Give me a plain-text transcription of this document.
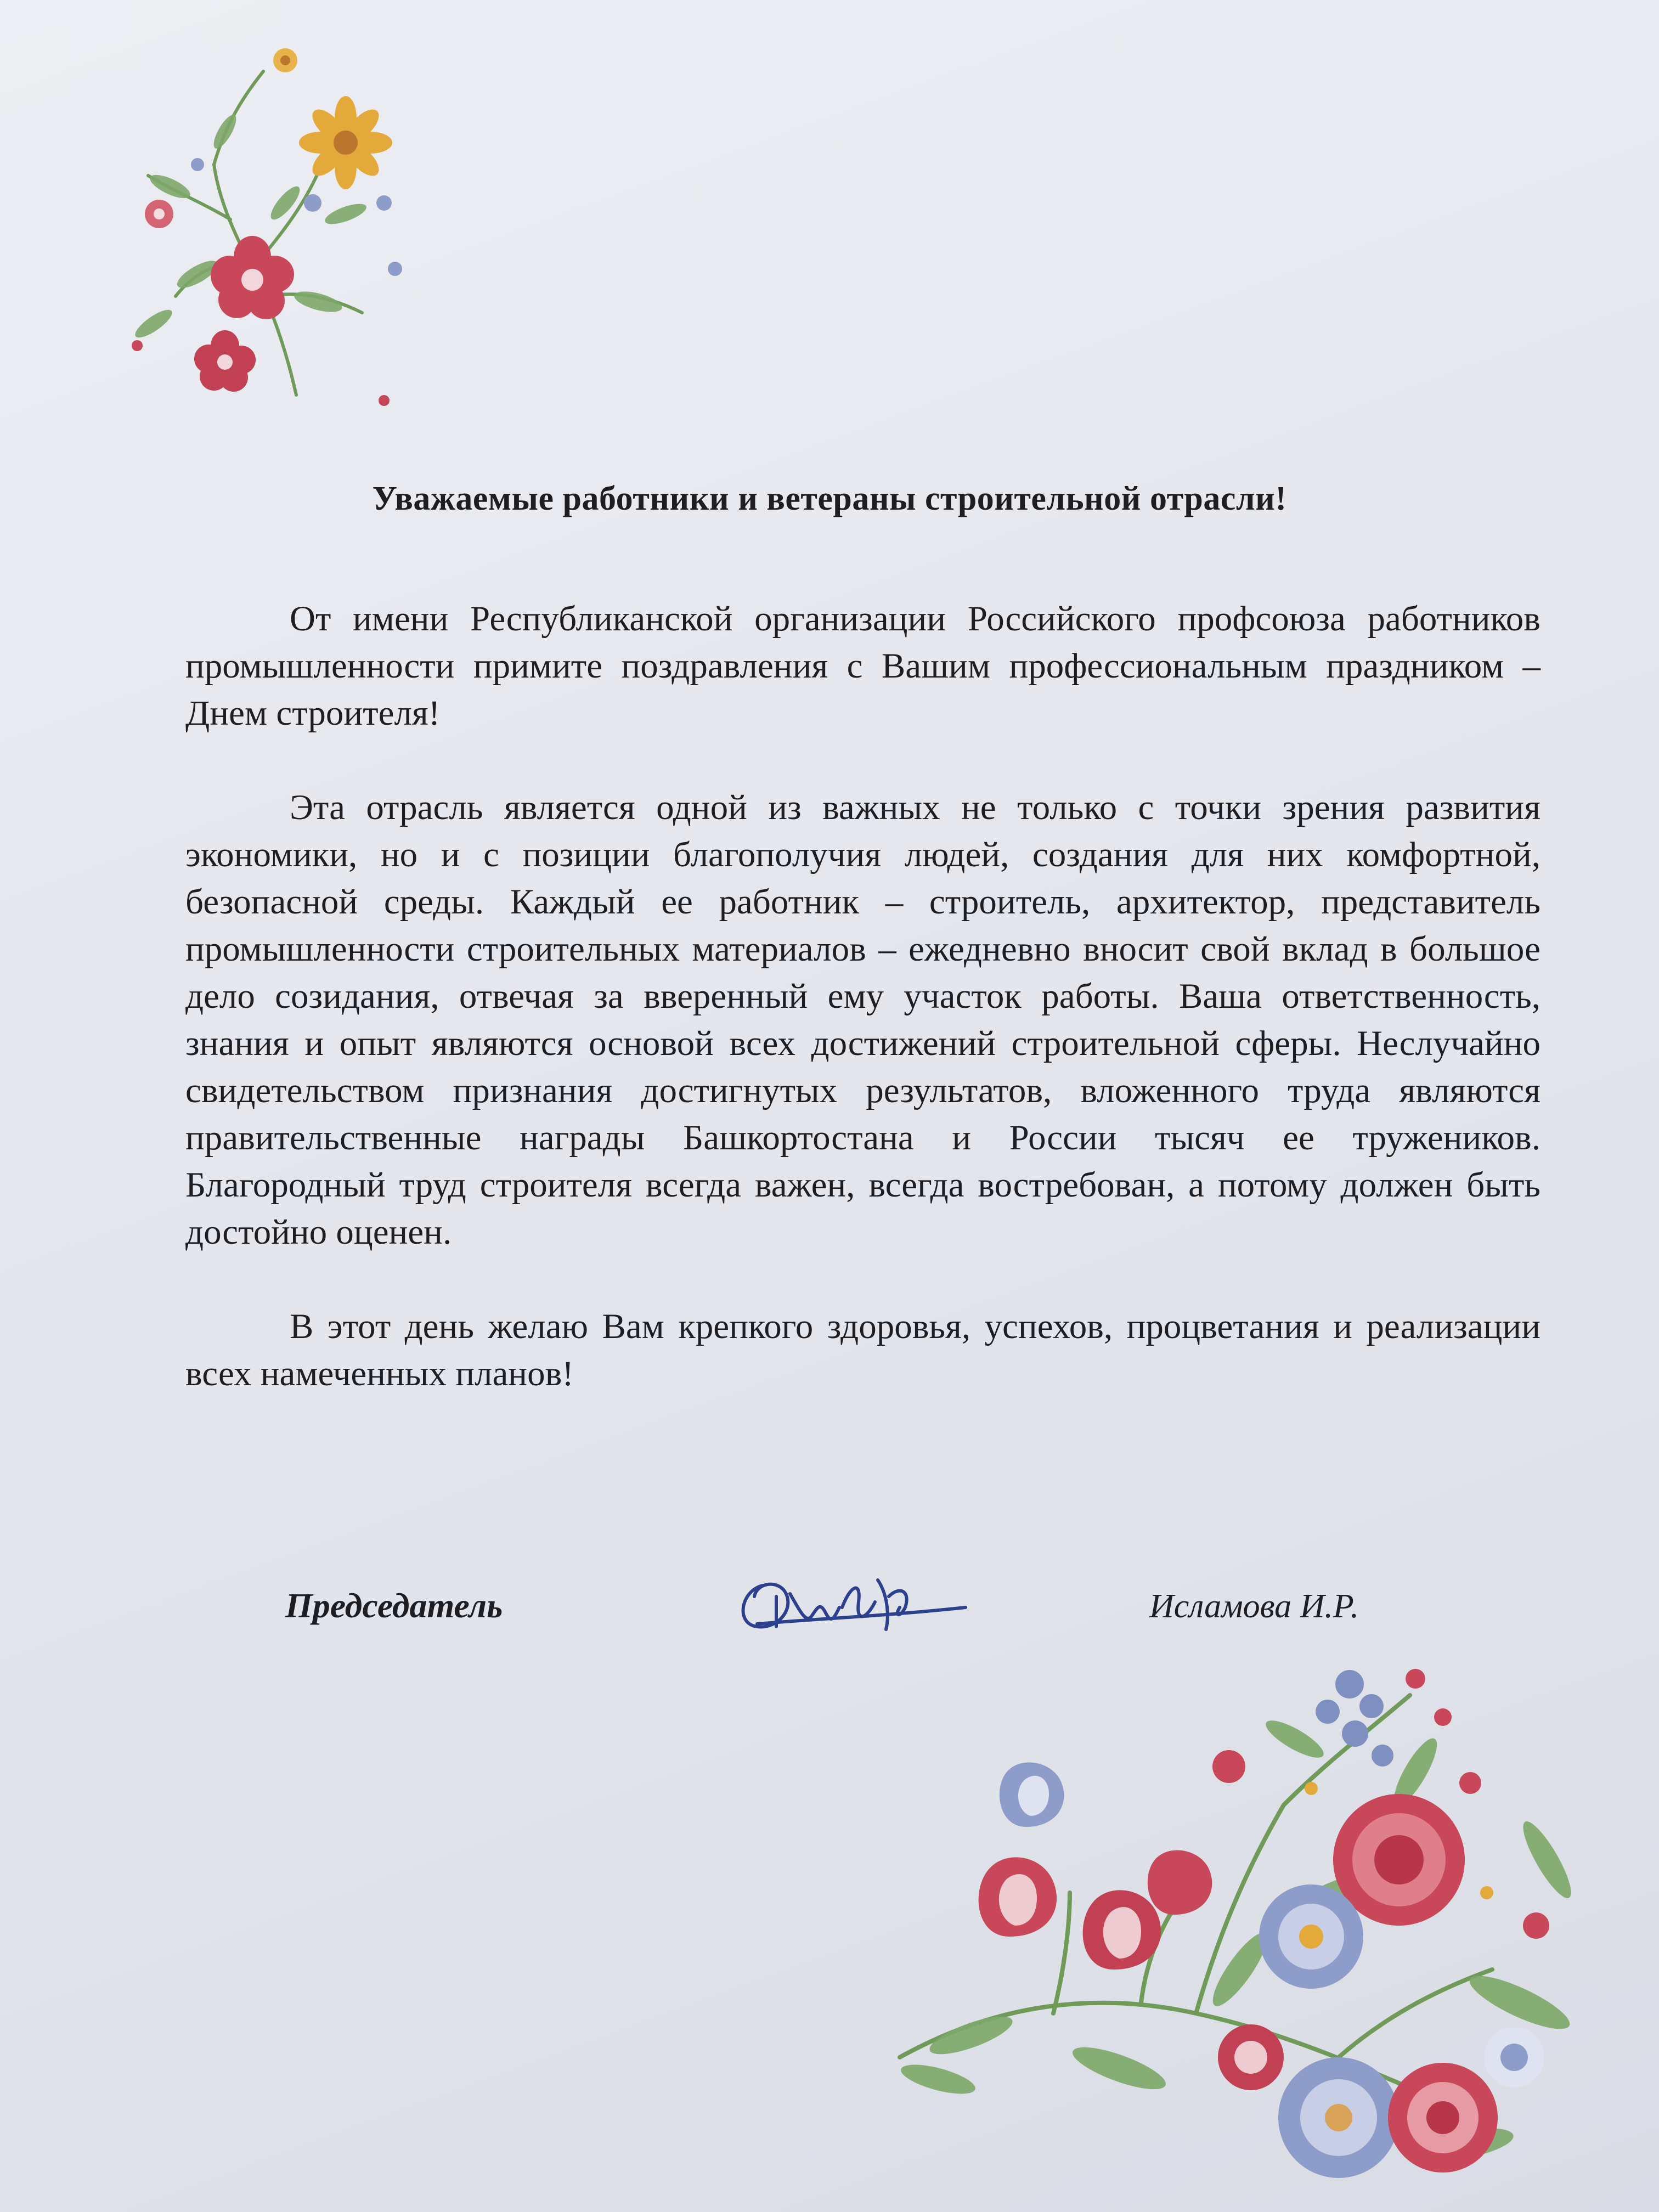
Уважаемые работники и ветераны строительной отрасли!

От имени Республиканской организации Российского профсоюза работников промышленности примите поздравления с Вашим профессиональным праздником – Днем строителя!

Эта отрасль является одной из важных не только с точки зрения развития экономики, но и с позиции благополучия людей, создания для них комфортной, безопасной среды. Каждый ее работник – строитель, архитектор, представитель промышленности строительных материалов – ежедневно вносит свой вклад в большое дело созидания, отвечая за вверенный ему участок работы. Ваша ответственность, знания и опыт являются основой всех достижений строительной сферы. Неслучайно свидетельством признания достигнутых результатов, вложенного труда являются правительственные награды Башкортостана и России тысяч ее тружеников. Благородный труд строителя всегда важен, всегда востребован, а потому должен быть достойно оценен.

В этот день желаю Вам крепкого здоровья, успехов, процветания и реализации всех намеченных планов!

Председатель	Исламова И.Р.
